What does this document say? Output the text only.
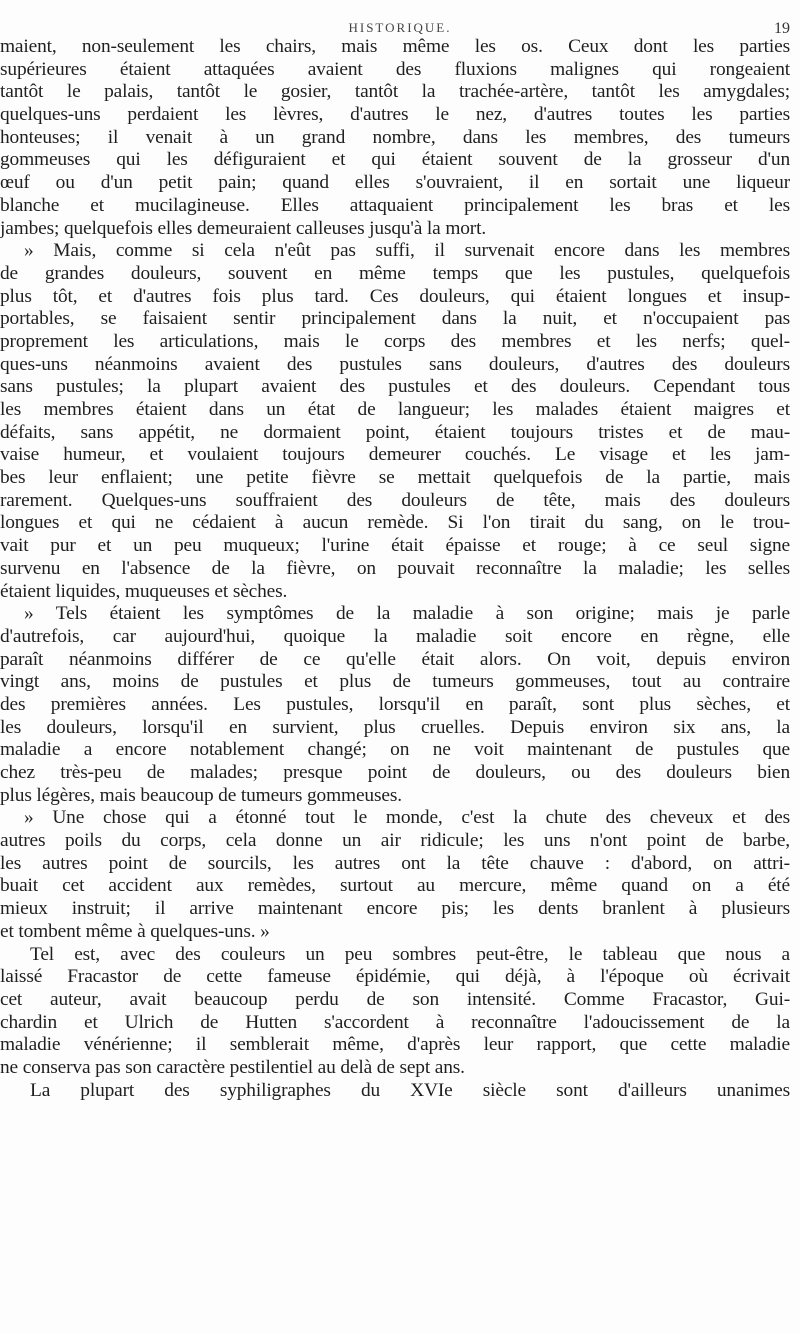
HISTORIQUE.	19
maient, non-seulement les chairs, mais même les os. Ceux dont les parties
supérieures étaient attaquées avaient des fluxions malignes qui rongeaient
tantôt le palais, tantôt le gosier, tantôt la trachée-artère, tantôt les amygdales;
quelques-uns perdaient les lèvres, d'autres le nez, d'autres toutes les parties
honteuses; il venait à un grand nombre, dans les membres, des tumeurs
gommeuses qui les défiguraient et qui étaient souvent de la grosseur d'un
œuf ou d'un petit pain; quand elles s'ouvraient, il en sortait une liqueur
blanche et mucilagineuse. Elles attaquaient principalement les bras et les
jambes; quelquefois elles demeuraient calleuses jusqu'à la mort.
» Mais, comme si cela n'eût pas suffi, il survenait encore dans les membres
de grandes douleurs, souvent en même temps que les pustules, quelquefois
plus tôt, et d'autres fois plus tard. Ces douleurs, qui étaient longues et insup-
portables, se faisaient sentir principalement dans la nuit, et n'occupaient pas
proprement les articulations, mais le corps des membres et les nerfs; quel-
ques-uns néanmoins avaient des pustules sans douleurs, d'autres des douleurs
sans pustules; la plupart avaient des pustules et des douleurs. Cependant tous
les membres étaient dans un état de langueur; les malades étaient maigres et
défaits, sans appétit, ne dormaient point, étaient toujours tristes et de mau-
vaise humeur, et voulaient toujours demeurer couchés. Le visage et les jam-
bes leur enflaient; une petite fièvre se mettait quelquefois de la partie, mais
rarement. Quelques-uns souffraient des douleurs de tête, mais des douleurs
longues et qui ne cédaient à aucun remède. Si l'on tirait du sang, on le trou-
vait pur et un peu muqueux; l'urine était épaisse et rouge; à ce seul signe
survenu en l'absence de la fièvre, on pouvait reconnaître la maladie; les selles
étaient liquides, muqueuses et sèches.
» Tels étaient les symptômes de la maladie à son origine; mais je parle
d'autrefois, car aujourd'hui, quoique la maladie soit encore en règne, elle
paraît néanmoins différer de ce qu'elle était alors. On voit, depuis environ
vingt ans, moins de pustules et plus de tumeurs gommeuses, tout au contraire
des premières années. Les pustules, lorsqu'il en paraît, sont plus sèches, et
les douleurs, lorsqu'il en survient, plus cruelles. Depuis environ six ans, la
maladie a encore notablement changé; on ne voit maintenant de pustules que
chez très-peu de malades; presque point de douleurs, ou des douleurs bien
plus légères, mais beaucoup de tumeurs gommeuses.
» Une chose qui a étonné tout le monde, c'est la chute des cheveux et des
autres poils du corps, cela donne un air ridicule; les uns n'ont point de barbe,
les autres point de sourcils, les autres ont la tête chauve : d'abord, on attri-
buait cet accident aux remèdes, surtout au mercure, même quand on a été
mieux instruit; il arrive maintenant encore pis; les dents branlent à plusieurs
et tombent même à quelques-uns. »
Tel est, avec des couleurs un peu sombres peut-être, le tableau que nous a
laissé Fracastor de cette fameuse épidémie, qui déjà, à l'époque où écrivait
cet auteur, avait beaucoup perdu de son intensité. Comme Fracastor, Gui-
chardin et Ulrich de Hutten s'accordent à reconnaître l'adoucissement de la
maladie vénérienne; il semblerait même, d'après leur rapport, que cette maladie
ne conserva pas son caractère pestilentiel au delà de sept ans.
La plupart des syphiligraphes du XVIe siècle sont d'ailleurs unanimes
